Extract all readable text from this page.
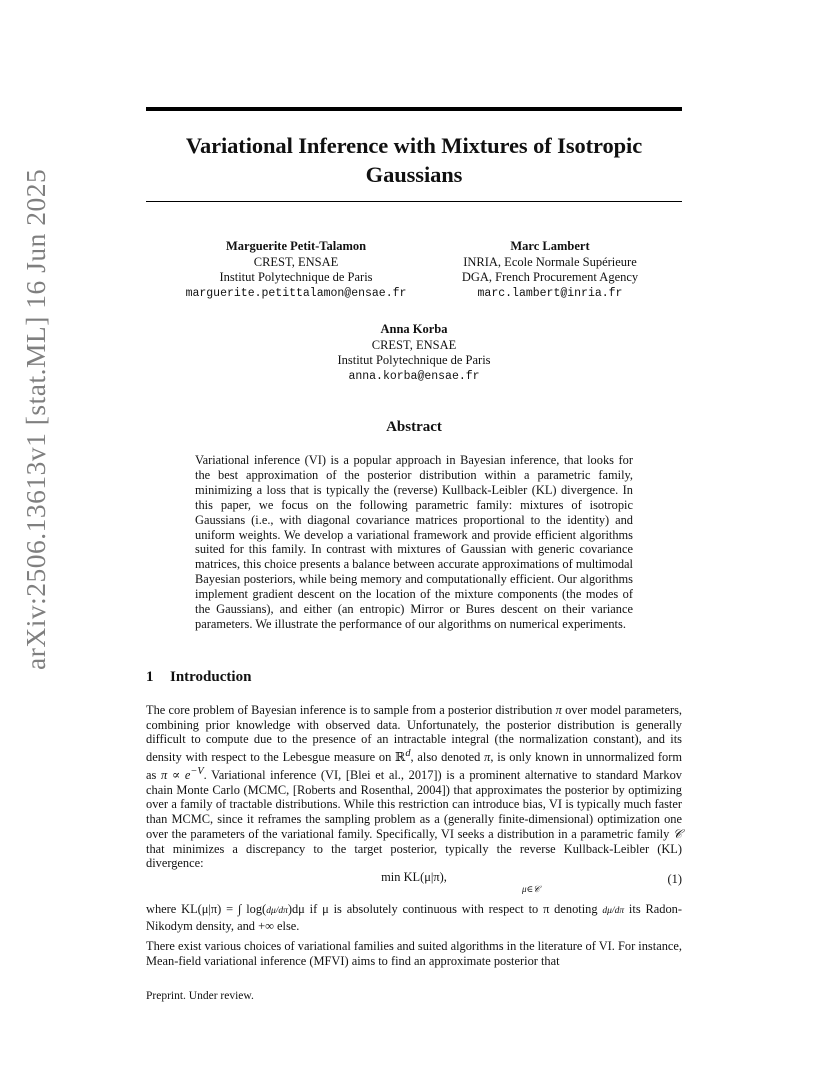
arXiv:2506.13613v1 [stat.ML] 16 Jun 2025
Variational Inference with Mixtures of Isotropic
Gaussians
Marguerite Petit-Talamon
CREST, ENSAE
Institut Polytechnique de Paris
marguerite.petittalamon@ensae.fr
Marc Lambert
INRIA, Ecole Normale Supérieure
DGA, French Procurement Agency
marc.lambert@inria.fr
Anna Korba
CREST, ENSAE
Institut Polytechnique de Paris
anna.korba@ensae.fr
Abstract
Variational inference (VI) is a popular approach in Bayesian inference, that looks for the best approximation of the posterior distribution within a parametric family, minimizing a loss that is typically the (reverse) Kullback-Leibler (KL) divergence. In this paper, we focus on the following parametric family: mixtures of isotropic Gaussians (i.e., with diagonal covariance matrices proportional to the identity) and uniform weights. We develop a variational framework and provide efficient algorithms suited for this family. In contrast with mixtures of Gaussian with generic covariance matrices, this choice presents a balance between accurate approximations of multimodal Bayesian posteriors, while being memory and computationally efficient. Our algorithms implement gradient descent on the location of the mixture components (the modes of the Gaussians), and either (an entropic) Mirror or Bures descent on their variance parameters. We illustrate the performance of our algorithms on numerical experiments.
1 Introduction
The core problem of Bayesian inference is to sample from a posterior distribution π over model parameters, combining prior knowledge with observed data. Unfortunately, the posterior distribution is generally difficult to compute due to the presence of an intractable integral (the normalization constant), and its density with respect to the Lebesgue measure on ℝ$^d$, also denoted π, is only known in unnormalized form as $\pi \propto e^{-V}$. Variational inference (VI, [Blei et al., 2017]) is a prominent alternative to standard Markov chain Monte Carlo (MCMC, [Roberts and Rosenthal, 2004]) that approximates the posterior by optimizing over a family of tractable distributions. While this restriction can introduce bias, VI is typically much faster than MCMC, since it reframes the sampling problem as a (generally finite-dimensional) optimization one over the parameters of the variational family. Specifically, VI seeks a distribution in a parametric family 𝒞 that minimizes a discrepancy to the target posterior, typically the reverse Kullback-Leibler (KL) divergence:
min KL(μ|π),
μ∈𝒞
(1)
where KL(μ|π) = ∫ log(dμ/dπ)dμ if μ is absolutely continuous with respect to π denoting dμ/dπ its Radon-Nikodym density, and +∞ else.
There exist various choices of variational families and suited algorithms in the literature of VI. For instance, Mean-field variational inference (MFVI) aims to find an approximate posterior that
Preprint. Under review.
